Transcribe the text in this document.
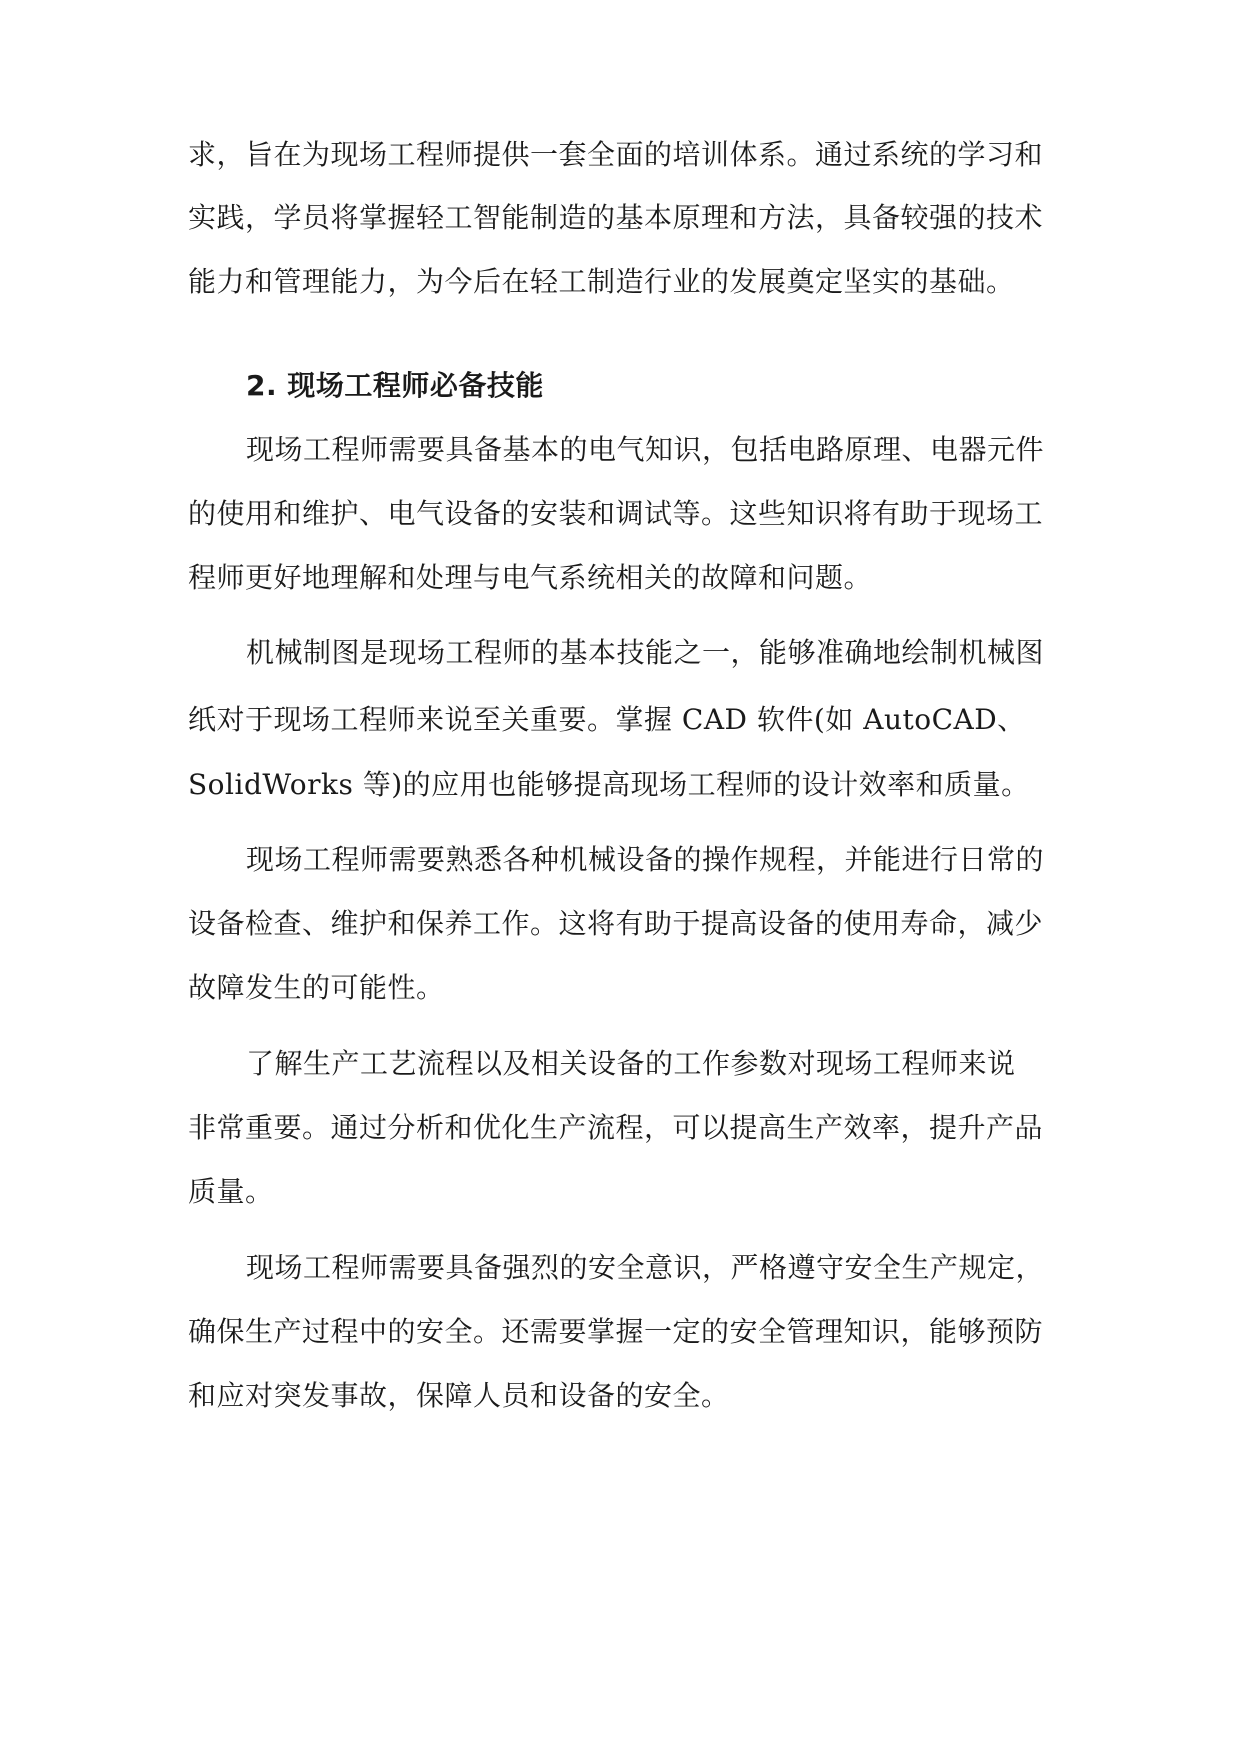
求，旨在为现场工程师提供一套全面的培训体系。通过系统的学习和
实践，学员将掌握轻工智能制造的基本原理和方法，具备较强的技术
能力和管理能力，为今后在轻工制造行业的发展奠定坚实的基础。
2. 现场工程师必备技能
现场工程师需要具备基本的电气知识，包括电路原理、电器元件
的使用和维护、电气设备的安装和调试等。这些知识将有助于现场工
程师更好地理解和处理与电气系统相关的故障和问题。
机械制图是现场工程师的基本技能之一，能够准确地绘制机械图
纸对于现场工程师来说至关重要。掌握 CAD 软件(如 AutoCAD、
SolidWorks 等)的应用也能够提高现场工程师的设计效率和质量。
现场工程师需要熟悉各种机械设备的操作规程，并能进行日常的
设备检查、维护和保养工作。这将有助于提高设备的使用寿命，减少
故障发生的可能性。
了解生产工艺流程以及相关设备的工作参数对现场工程师来说
非常重要。通过分析和优化生产流程，可以提高生产效率，提升产品
质量。
现场工程师需要具备强烈的安全意识，严格遵守安全生产规定，
确保生产过程中的安全。还需要掌握一定的安全管理知识，能够预防
和应对突发事故，保障人员和设备的安全。
